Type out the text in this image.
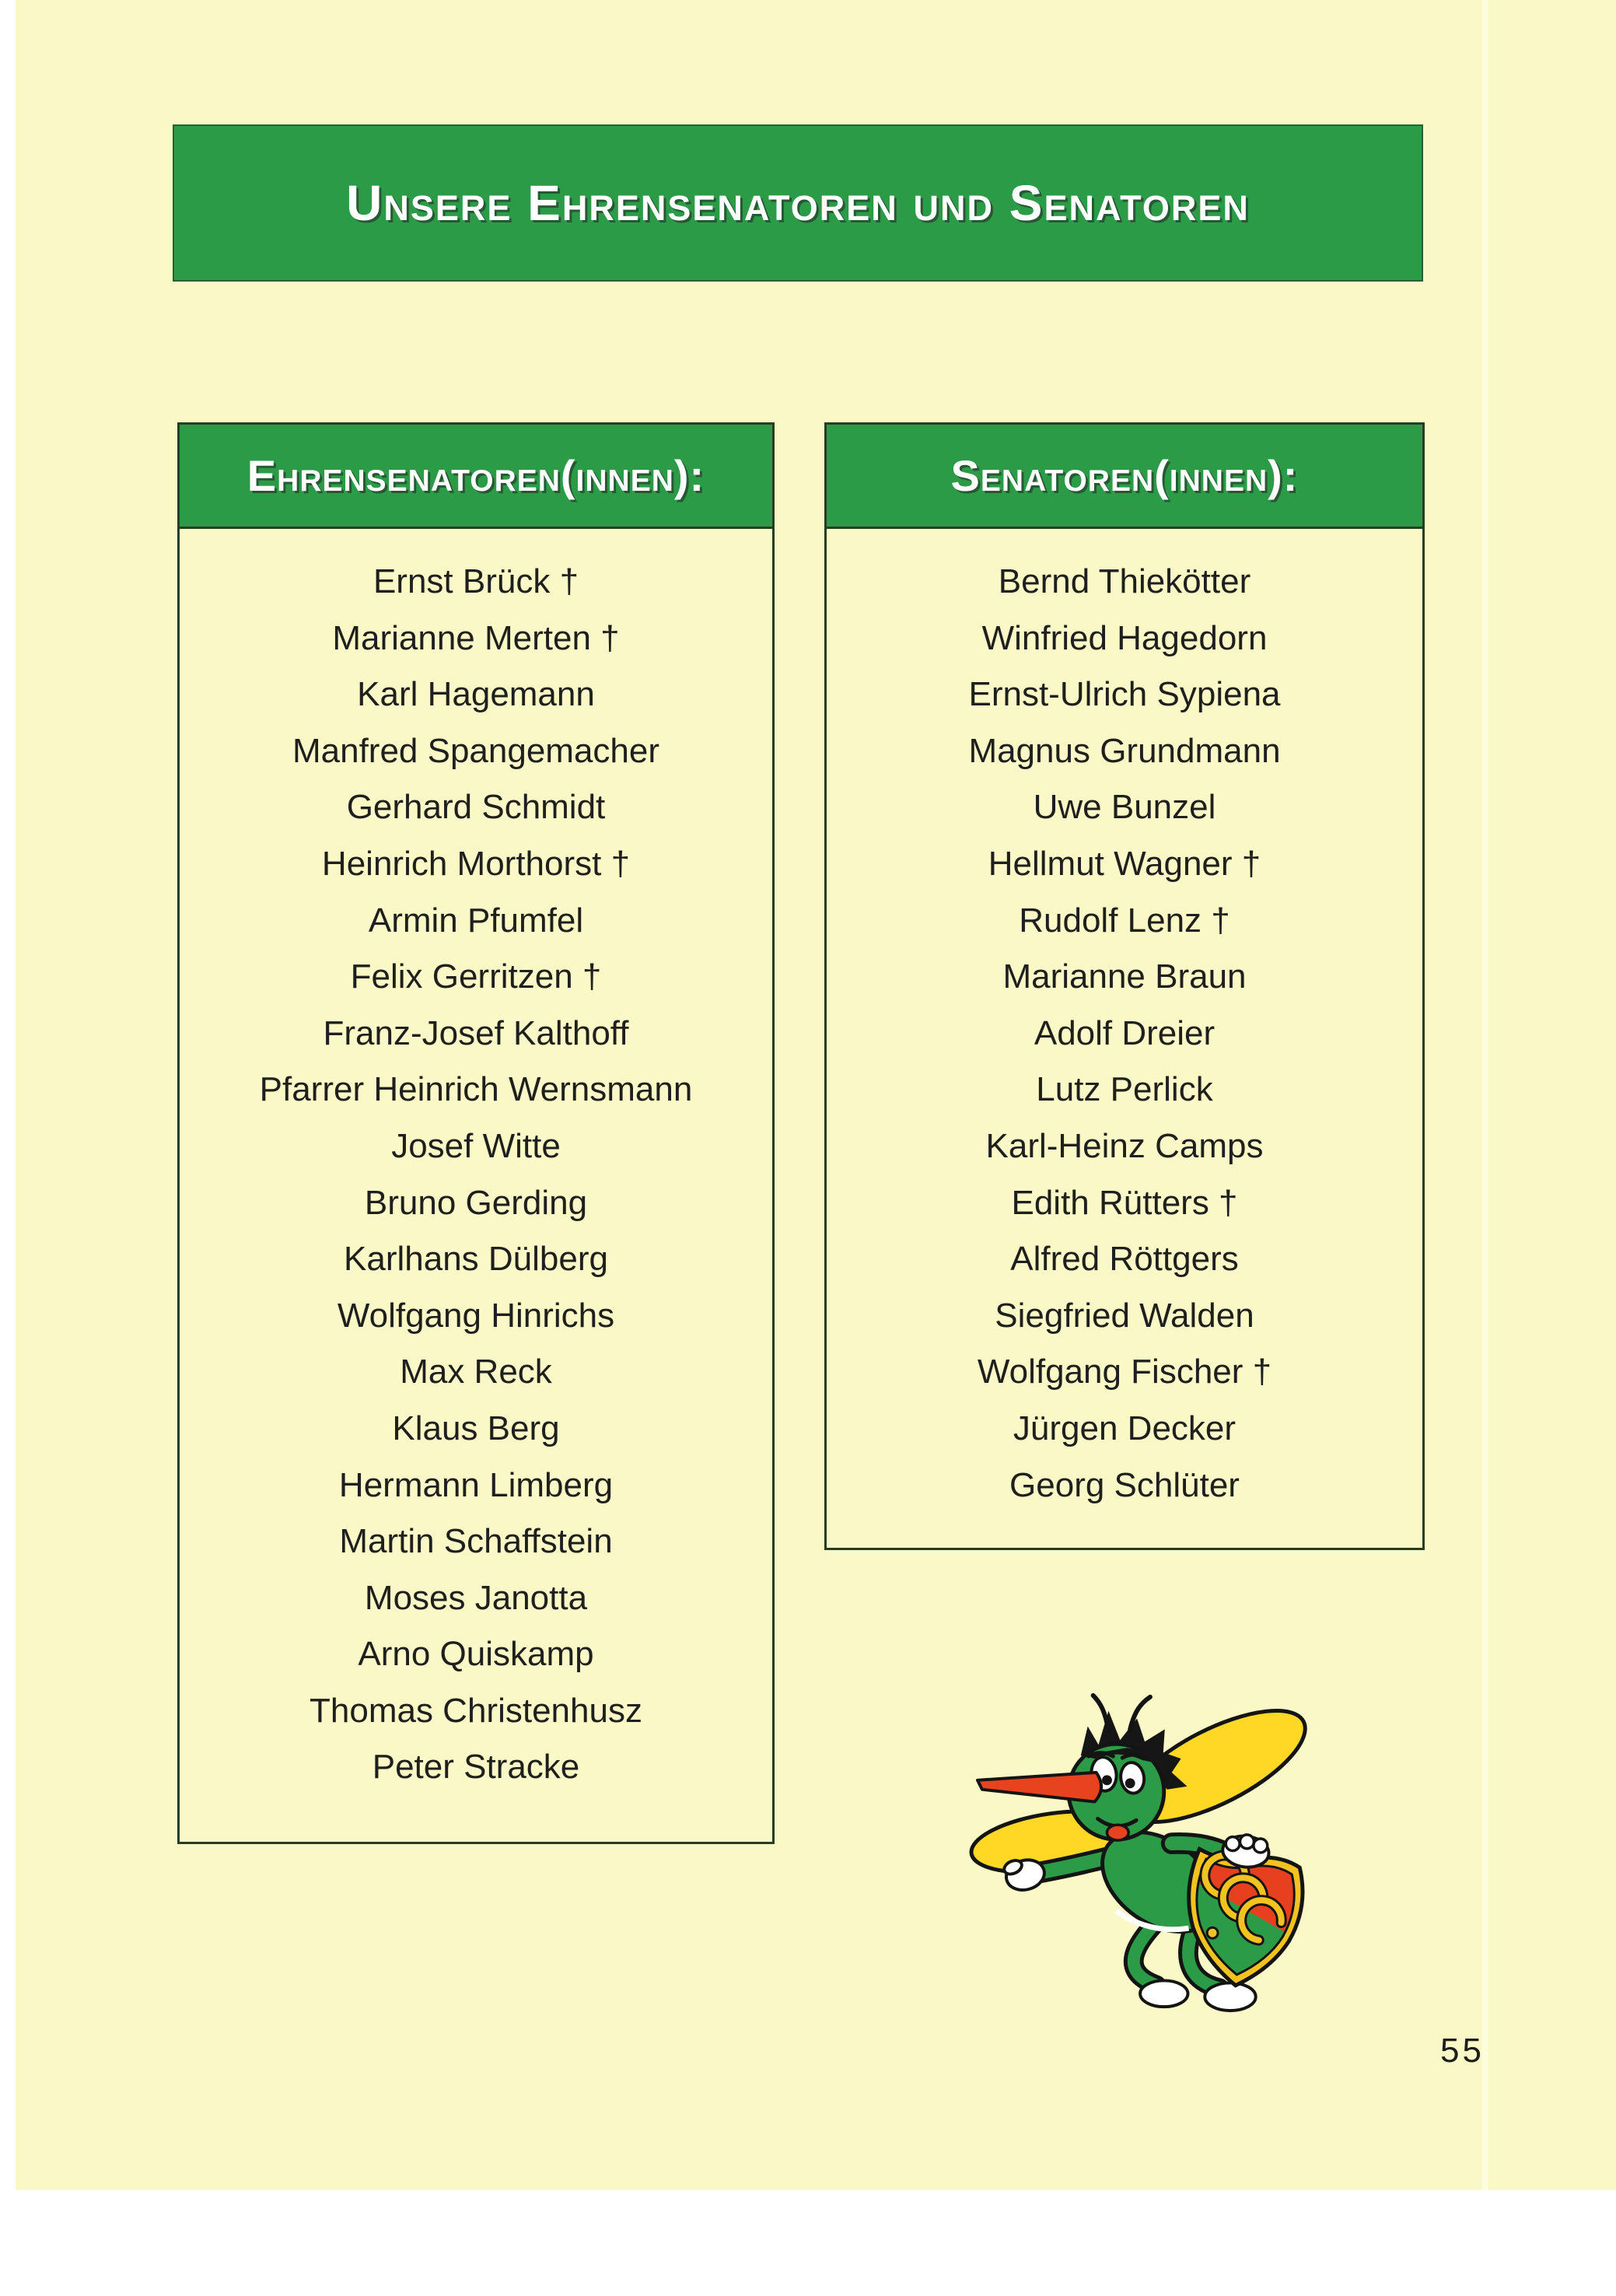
Unsere Ehrensenatoren und Senatoren
Ehrensenatoren(innen):
Ernst Brück †
Marianne Merten †
Karl Hagemann
Manfred Spangemacher
Gerhard Schmidt
Heinrich Morthorst †
Armin Pfumfel
Felix Gerritzen †
Franz-Josef Kalthoff
Pfarrer Heinrich Wernsmann
Josef Witte
Bruno Gerding
Karlhans Dülberg
Wolfgang Hinrichs
Max Reck
Klaus Berg
Hermann Limberg
Martin Schaffstein
Moses Janotta
Arno Quiskamp
Thomas Christenhusz
Peter Stracke
Senatoren(innen):
Bernd Thiekötter
Winfried Hagedorn
Ernst-Ulrich Sypiena
Magnus Grundmann
Uwe Bunzel
Hellmut Wagner †
Rudolf Lenz †
Marianne Braun
Adolf Dreier
Lutz Perlick
Karl-Heinz Camps
Edith Rütters †
Alfred Röttgers
Siegfried Walden
Wolfgang Fischer †
Jürgen Decker
Georg Schlüter
55
